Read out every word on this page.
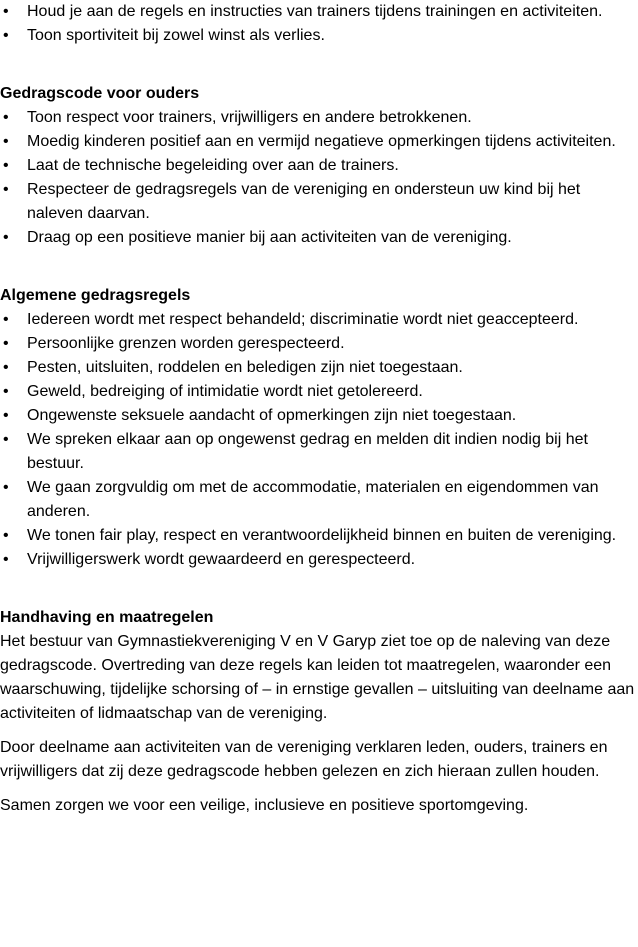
• Houd je aan de regels en instructies van trainers tijdens trainingen en activiteiten.
• Toon sportiviteit bij zowel winst als verlies.
Gedragscode voor ouders
• Toon respect voor trainers, vrijwilligers en andere betrokkenen.
• Moedig kinderen positief aan en vermijd negatieve opmerkingen tijdens activiteiten.
• Laat de technische begeleiding over aan de trainers.
• Respecteer de gedragsregels van de vereniging en ondersteun uw kind bij het naleven daarvan.
• Draag op een positieve manier bij aan activiteiten van de vereniging.
Algemene gedragsregels
• Iedereen wordt met respect behandeld; discriminatie wordt niet geaccepteerd.
• Persoonlijke grenzen worden gerespecteerd.
• Pesten, uitsluiten, roddelen en beledigen zijn niet toegestaan.
• Geweld, bedreiging of intimidatie wordt niet getolereerd.
• Ongewenste seksuele aandacht of opmerkingen zijn niet toegestaan.
• We spreken elkaar aan op ongewenst gedrag en melden dit indien nodig bij het bestuur.
• We gaan zorgvuldig om met de accommodatie, materialen en eigendommen van anderen.
• We tonen fair play, respect en verantwoordelijkheid binnen en buiten de vereniging.
• Vrijwilligerswerk wordt gewaardeerd en gerespecteerd.
Handhaving en maatregelen

Het bestuur van Gymnastiekvereniging V en V Garyp ziet toe op de naleving van deze gedragscode. Overtreding van deze regels kan leiden tot maatregelen, waaronder een waarschuwing, tijdelijke schorsing of – in ernstige gevallen – uitsluiting van deelname aan activiteiten of lidmaatschap van de vereniging.

Door deelname aan activiteiten van de vereniging verklaren leden, ouders, trainers en vrijwilligers dat zij deze gedragscode hebben gelezen en zich hieraan zullen houden.

Samen zorgen we voor een veilige, inclusieve en positieve sportomgeving.
